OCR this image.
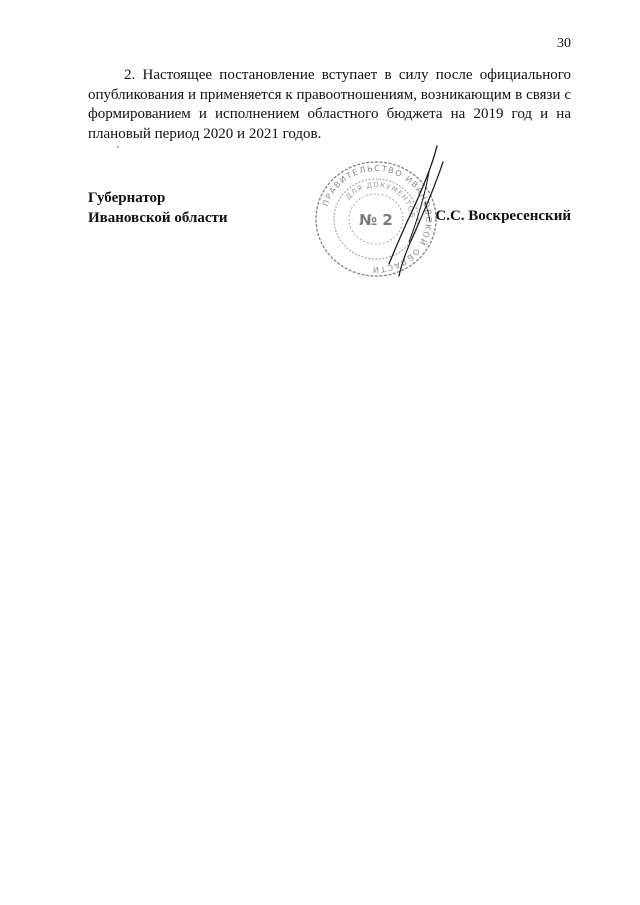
30

2. Настоящее постановление вступает в силу после официального опубликования и применяется к правоотношениям, возникающим в связи с формированием и исполнением областного бюджета на 2019 год и на плановый период 2020 и 2021 годов.

Губернатор
Ивановской области	С.С. Воскресенский
ПРАВИТЕЛЬСТВО ИВАНОВСКОЙ ОБЛАСТИ
ДЛЯ ДОКУМЕНТОВ
№ 2
